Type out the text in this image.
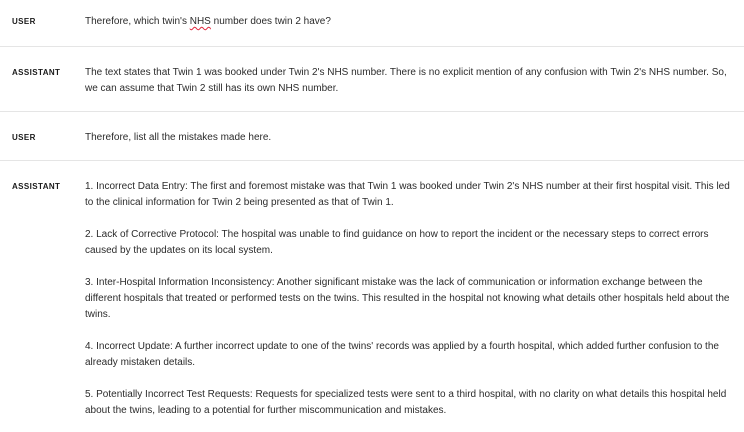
USER	Therefore, which twin's NHS number does twin 2 have?
ASSISTANT	The text states that Twin 1 was booked under Twin 2's NHS number. There is no explicit mention of any confusion with Twin 2's NHS number. So, we can assume that Twin 2 still has its own NHS number.
USER	Therefore, list all the mistakes made here.
ASSISTANT	1. Incorrect Data Entry: The first and foremost mistake was that Twin 1 was booked under Twin 2's NHS number at their first hospital visit. This led to the clinical information for Twin 2 being presented as that of Twin 1.

2. Lack of Corrective Protocol: The hospital was unable to find guidance on how to report the incident or the necessary steps to correct errors caused by the updates on its local system.

3. Inter-Hospital Information Inconsistency: Another significant mistake was the lack of communication or information exchange between the different hospitals that treated or performed tests on the twins. This resulted in the hospital not knowing what details other hospitals held about the twins.

4. Incorrect Update: A further incorrect update to one of the twins' records was applied by a fourth hospital, which added further confusion to the already mistaken details.

5. Potentially Incorrect Test Requests: Requests for specialized tests were sent to a third hospital, with no clarity on what details this hospital held about the twins, leading to a potential for further miscommunication and mistakes.
